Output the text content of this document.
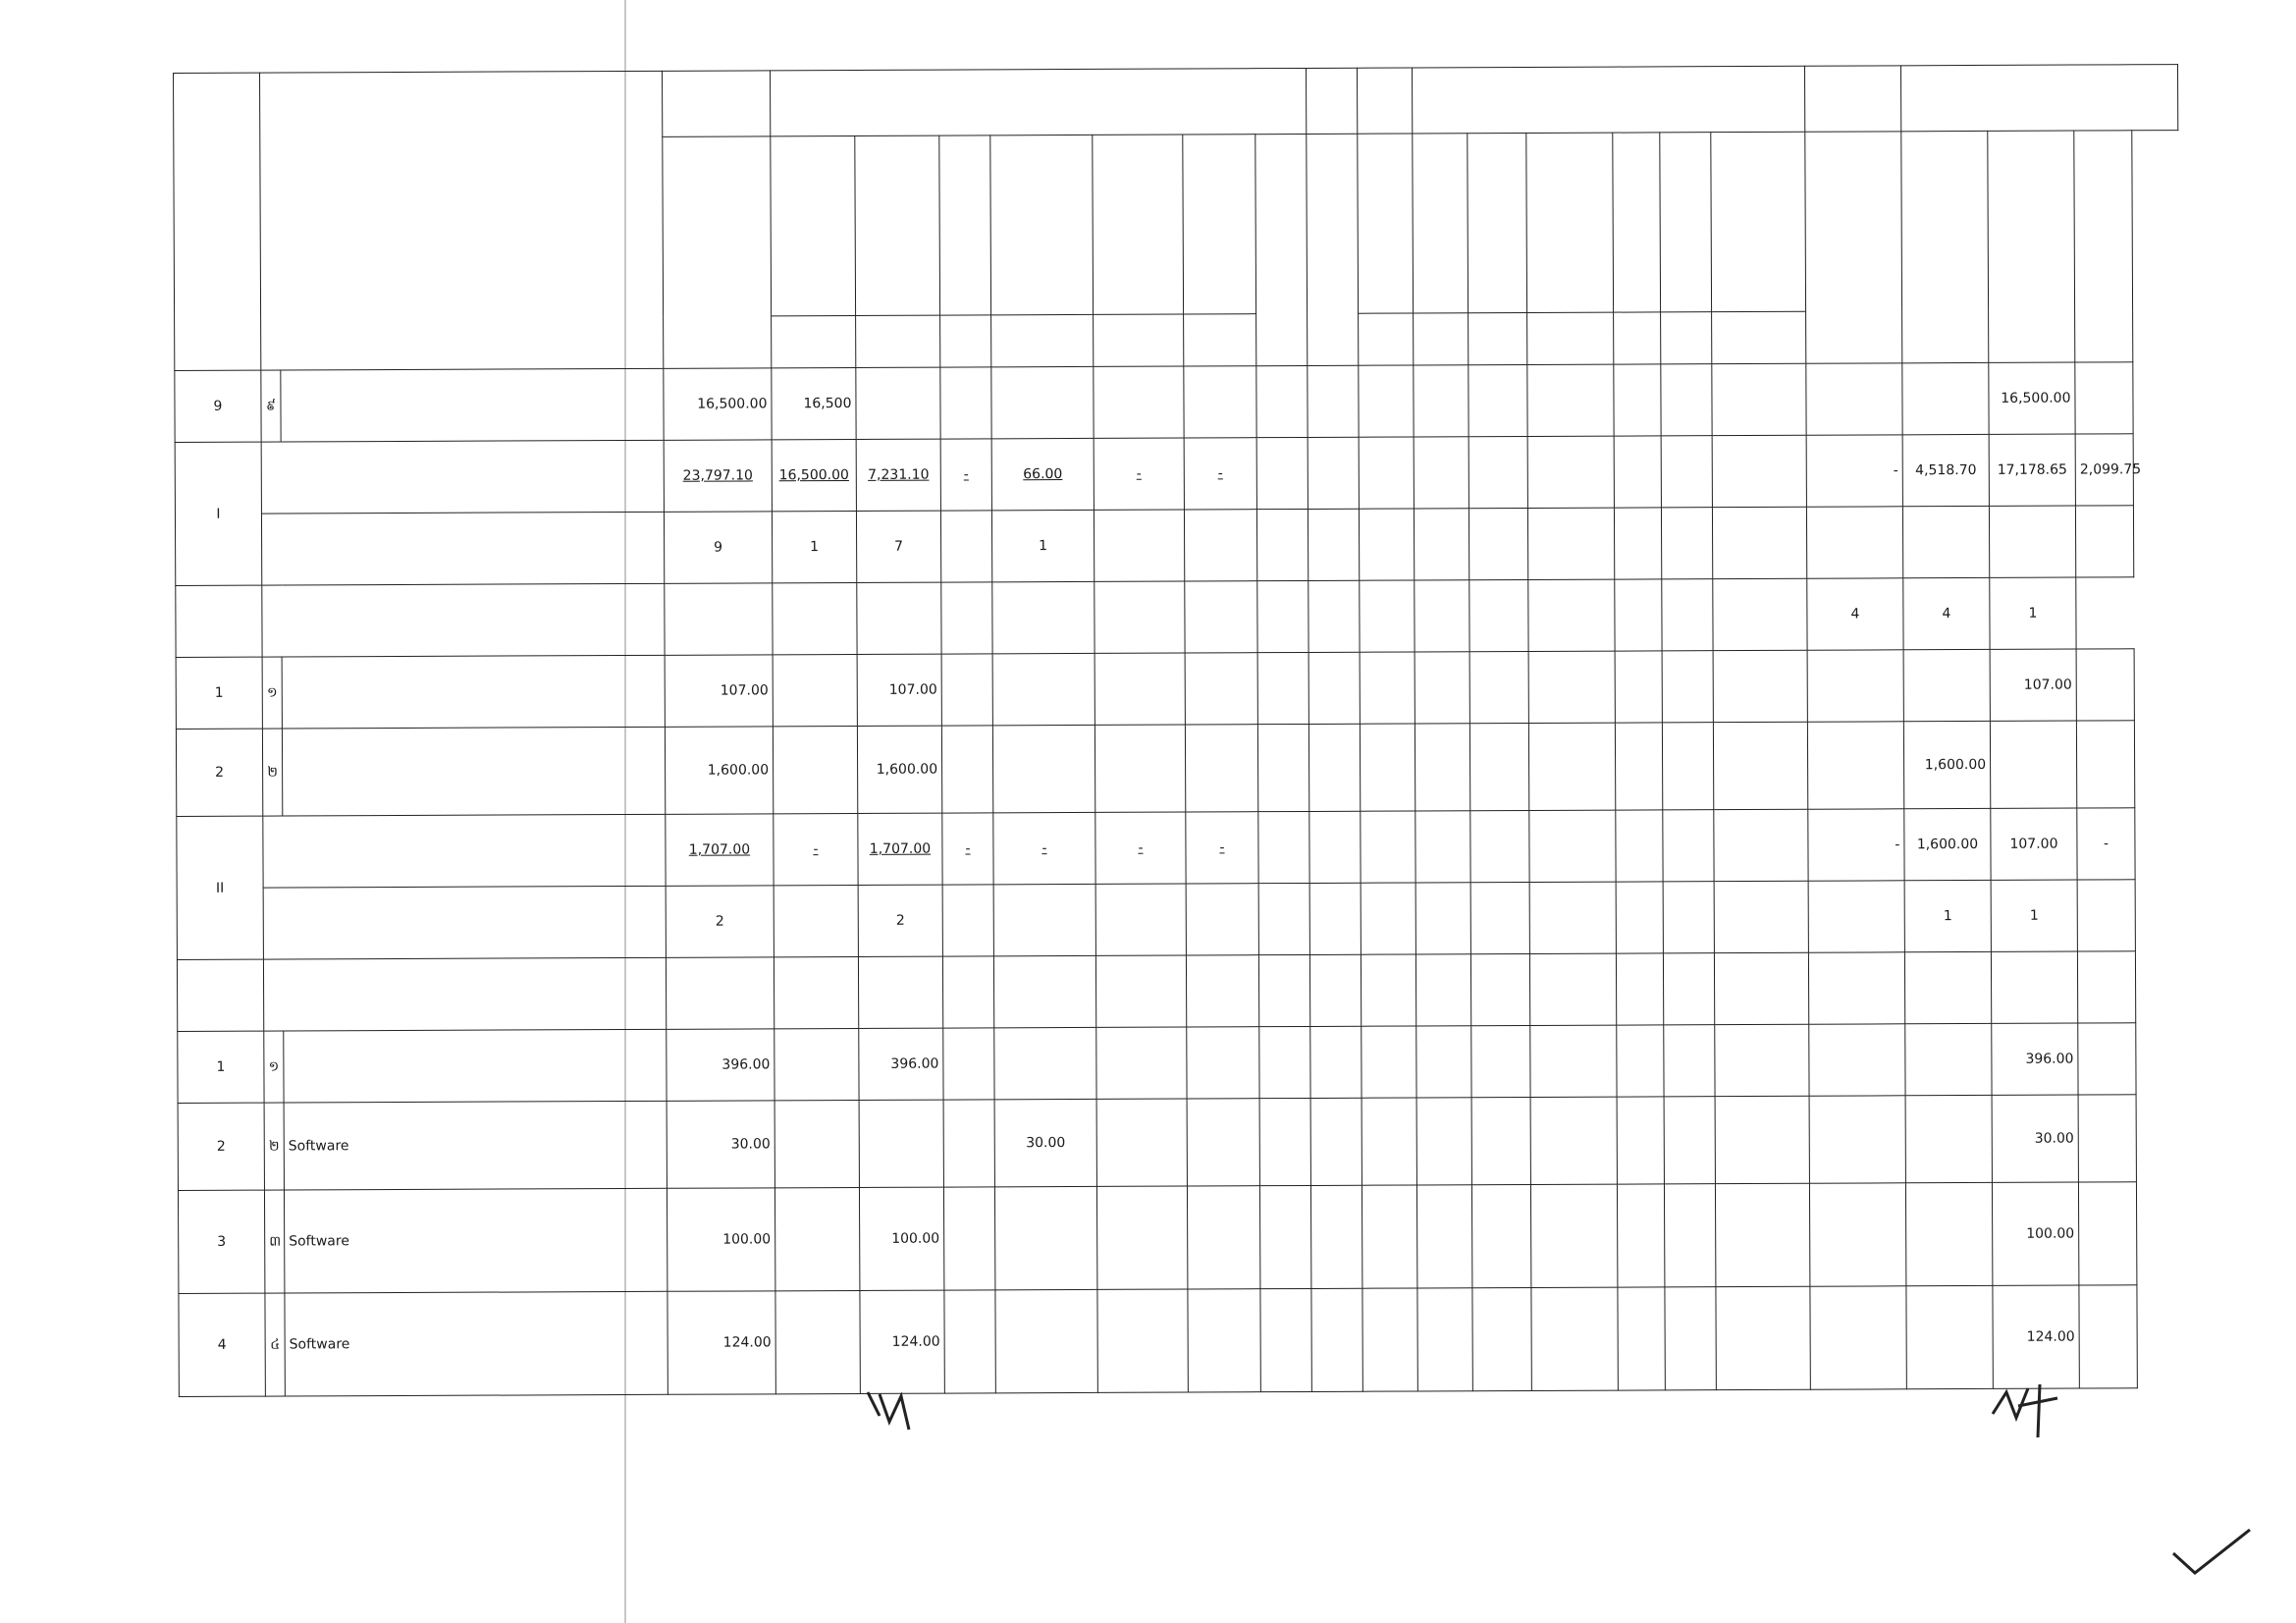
9	៩		16,500.00	16,500																	16,500.00	
I			23,797.10	16,500.00	7,231.10	-	66.00	-	-										-	4,518.70	17,178.65	2,099.75
			9	1	7		1															
																			4	4	1	
1	១		107.00		107.00																107.00	
2	២		1,600.00		1,600.00															1,600.00		
II			1,707.00	-	1,707.00	-	-	-	-										-	1,600.00	107.00	-
			2		2															1	1	

1	១		396.00		396.00																396.00	
2	២	Software	30.00				30.00														30.00	
3	៣	Software	100.00		100.00																100.00	
4	៤	Software	124.00		124.00																124.00	
